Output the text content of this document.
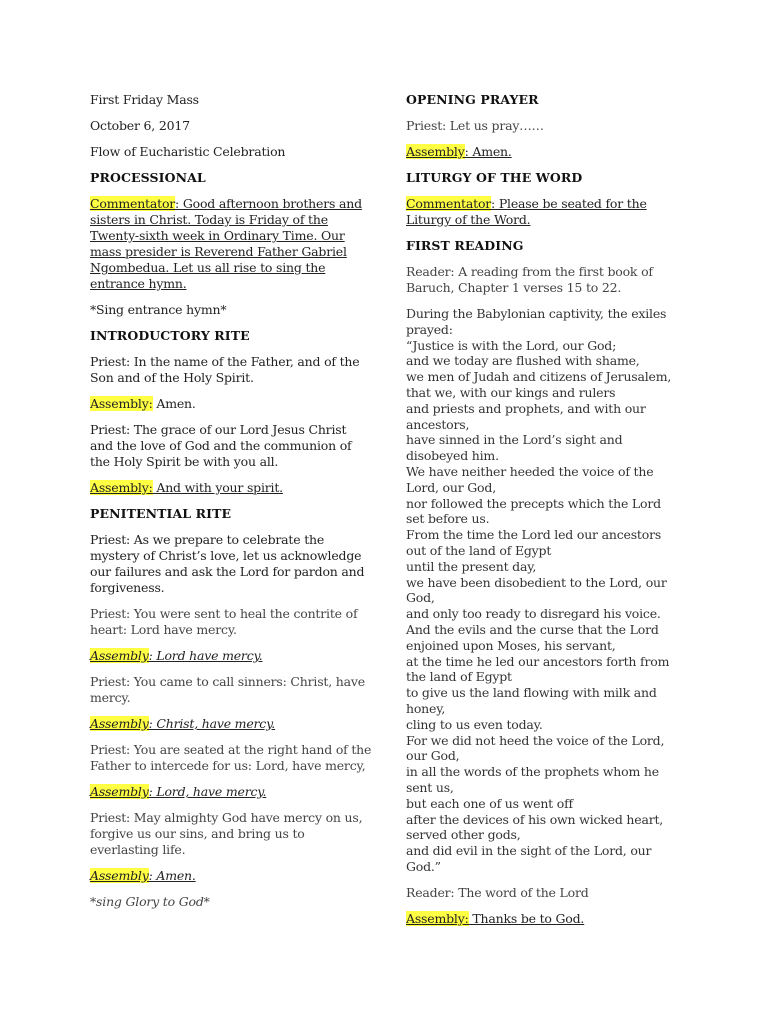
First Friday Mass

October 6, 2017

Flow of Eucharistic Celebration

PROCESSIONAL

Commentator: Good afternoon brothers and sisters in Christ. Today is Friday of the Twenty-sixth week in Ordinary Time. Our mass presider is Reverend Father Gabriel Ngombedua. Let us all rise to sing the entrance hymn.

*Sing entrance hymn*

INTRODUCTORY RITE

Priest: In the name of the Father, and of the Son and of the Holy Spirit.

Assembly: Amen.

Priest: The grace of our Lord Jesus Christ and the love of God and the communion of the Holy Spirit be with you all.

Assembly: And with your spirit.

PENITENTIAL RITE

Priest: As we prepare to celebrate the mystery of Christ’s love, let us acknowledge our failures and ask the Lord for pardon and forgiveness.

Priest: You were sent to heal the contrite of heart: Lord have mercy.

Assembly: Lord have mercy.

Priest: You came to call sinners: Christ, have mercy.

Assembly: Christ, have mercy.

Priest: You are seated at the right hand of the Father to intercede for us: Lord, have mercy,

Assembly: Lord, have mercy.

Priest: May almighty God have mercy on us, forgive us our sins, and bring us to everlasting life.

Assembly: Amen.

*sing Glory to God*

OPENING PRAYER

Priest: Let us pray……

Assembly: Amen.

LITURGY OF THE WORD

Commentator: Please be seated for the Liturgy of the Word.

FIRST READING

Reader: A reading from the first book of Baruch, Chapter 1 verses 15 to 22.

During the Babylonian captivity, the exiles prayed:

“Justice is with the Lord, our God;

and we today are flushed with shame,

we men of Judah and citizens of Jerusalem,

that we, with our kings and rulers

and priests and prophets, and with our ancestors,

have sinned in the Lord’s sight and disobeyed him.

We have neither heeded the voice of the Lord, our God,

nor followed the precepts which the Lord set before us.

From the time the Lord led our ancestors out of the land of Egypt

until the present day,

we have been disobedient to the Lord, our God,

and only too ready to disregard his voice.

And the evils and the curse that the Lord enjoined upon Moses, his servant,

at the time he led our ancestors forth from the land of Egypt

to give us the land flowing with milk and honey,

cling to us even today.

For we did not heed the voice of the Lord, our God,

in all the words of the prophets whom he sent us,

but each one of us went off

after the devices of his own wicked heart,

served other gods,

and did evil in the sight of the Lord, our God.”

Reader: The word of the Lord

Assembly: Thanks be to God.
